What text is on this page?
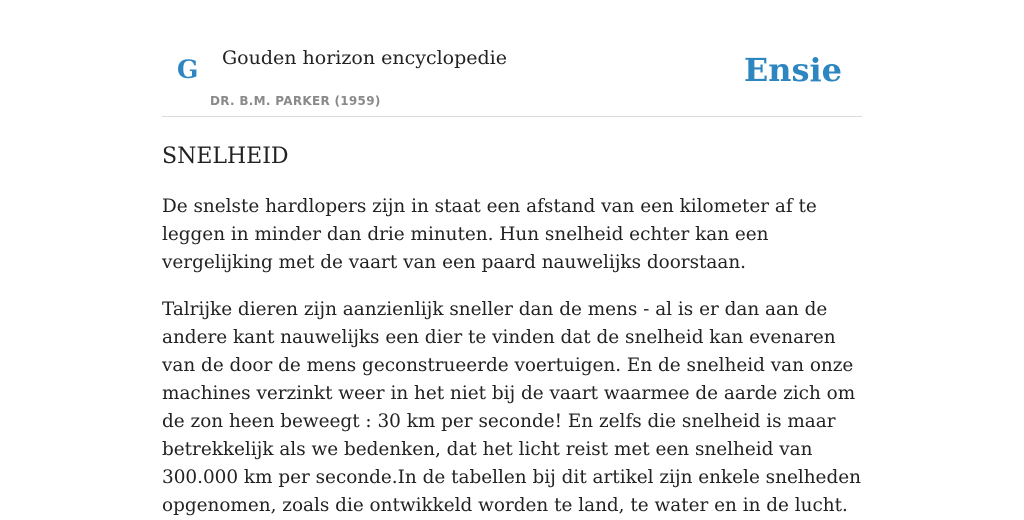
G Gouden horizon encyclopedie
DR. B.M. PARKER (1959)
Ensie
SNELHEID

De snelste hardlopers zijn in staat een afstand van een kilometer af te leggen in minder dan drie minuten. Hun snelheid echter kan een vergelijking met de vaart van een paard nauwelijks doorstaan.

Talrijke dieren zijn aanzienlijk sneller dan de mens - al is er dan aan de andere kant nauwelijks een dier te vinden dat de snelheid kan evenaren van de door de mens geconstrueerde voertuigen. En de snelheid van onze machines verzinkt weer in het niet bij de vaart waarmee de aarde zich om de zon heen beweegt : 30 km per seconde! En zelfs die snelheid is maar betrekkelijk als we bedenken, dat het licht reist met een snelheid van 300.000 km per seconde.In de tabellen bij dit artikel zijn enkele snelheden opgenomen, zoals die ontwikkeld worden te land, te water en in de lucht.
